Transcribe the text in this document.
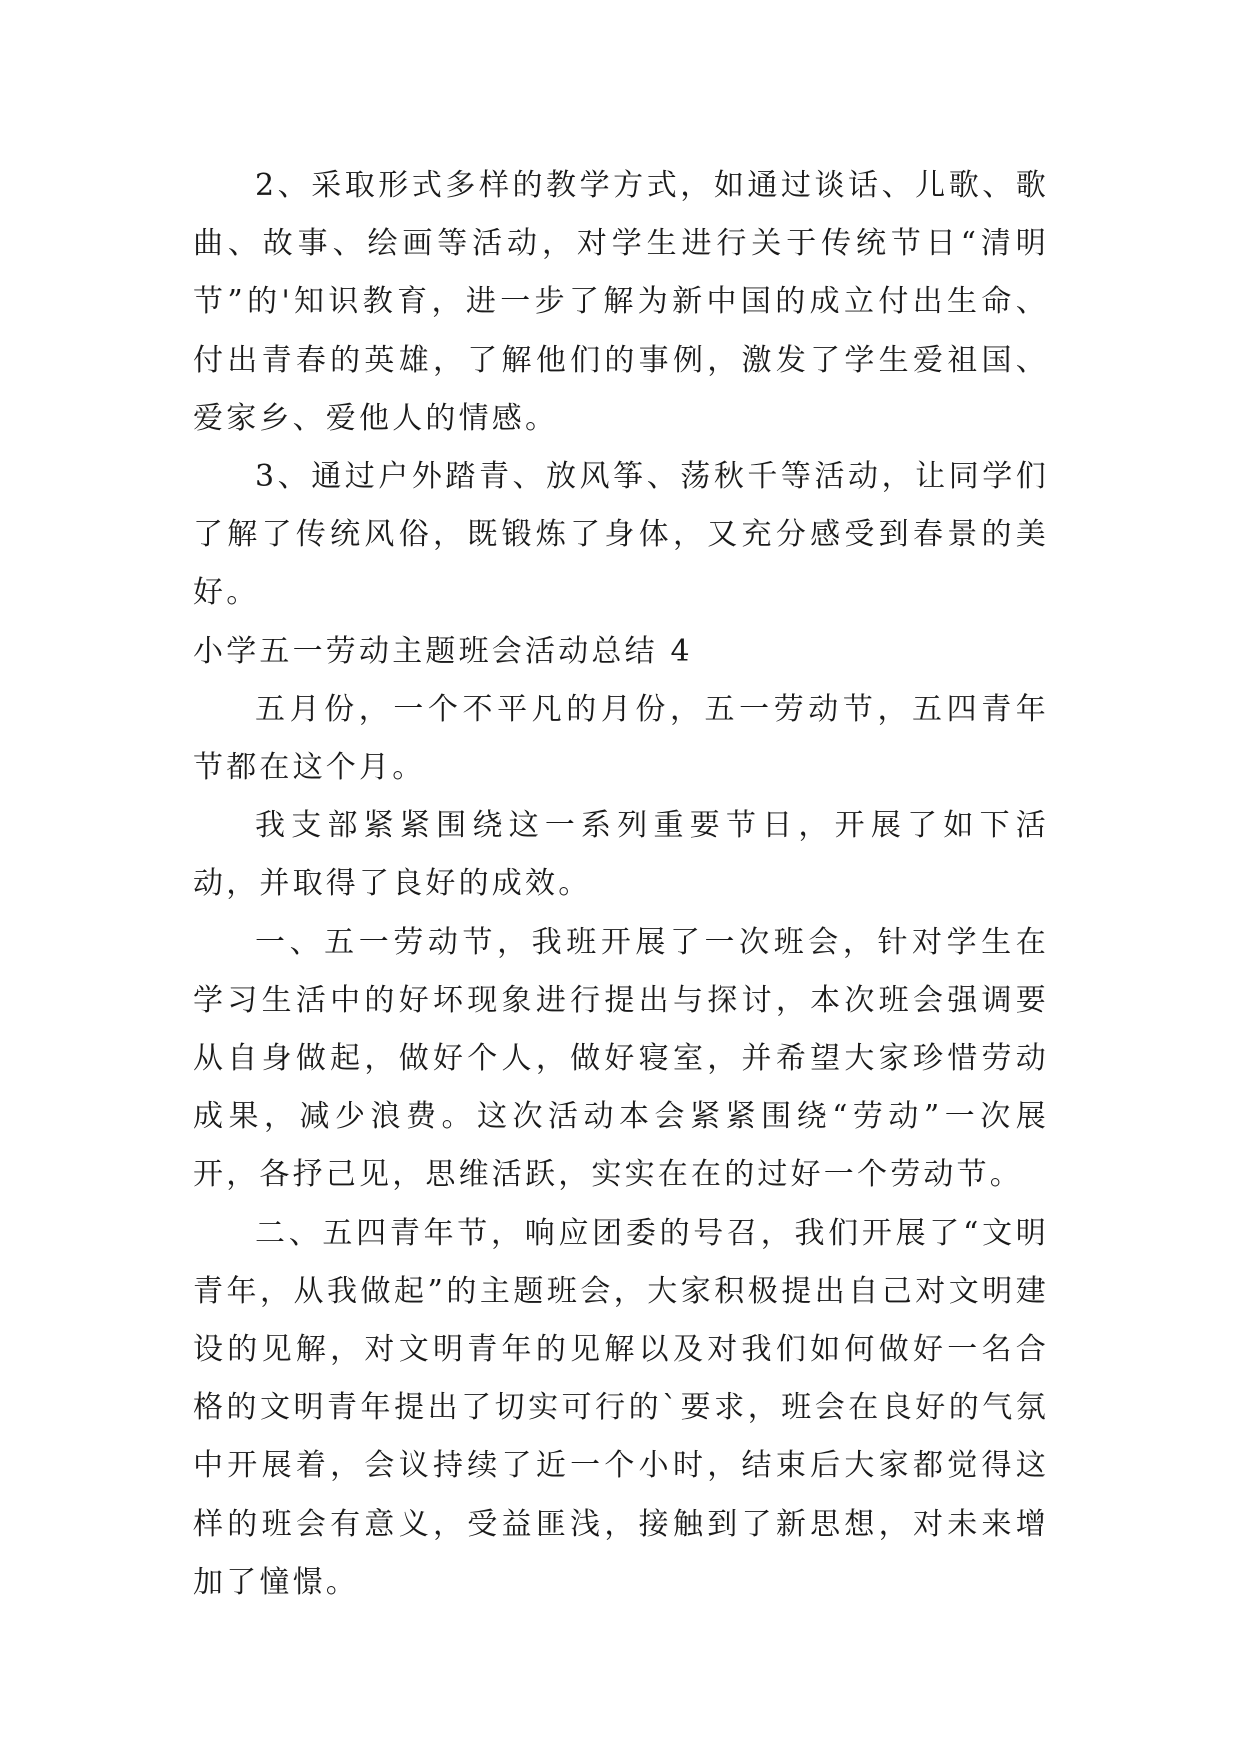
2、采取形式多样的教学方式，如通过谈话、儿歌、歌曲、故事、绘画等活动，对学生进行关于传统节日“清明节”的'知识教育，进一步了解为新中国的成立付出生命、付出青春的英雄，了解他们的事例，激发了学生爱祖国、爱家乡、爱他人的情感。

3、通过户外踏青、放风筝、荡秋千等活动，让同学们了解了传统风俗，既锻炼了身体，又充分感受到春景的美好。

小学五一劳动主题班会活动总结 4

五月份，一个不平凡的月份，五一劳动节，五四青年节都在这个月。

我支部紧紧围绕这一系列重要节日，开展了如下活动，并取得了良好的成效。

一、五一劳动节，我班开展了一次班会，针对学生在学习生活中的好坏现象进行提出与探讨，本次班会强调要从自身做起，做好个人，做好寝室，并希望大家珍惜劳动成果，减少浪费。这次活动本会紧紧围绕“劳动”一次展开，各抒己见，思维活跃，实实在在的过好一个劳动节。

二、五四青年节，响应团委的号召，我们开展了“文明青年，从我做起”的主题班会，大家积极提出自己对文明建设的见解，对文明青年的见解以及对我们如何做好一名合格的文明青年提出了切实可行的`要求，班会在良好的气氛中开展着，会议持续了近一个小时，结束后大家都觉得这样的班会有意义，受益匪浅，接触到了新思想，对未来增加了憧憬。
